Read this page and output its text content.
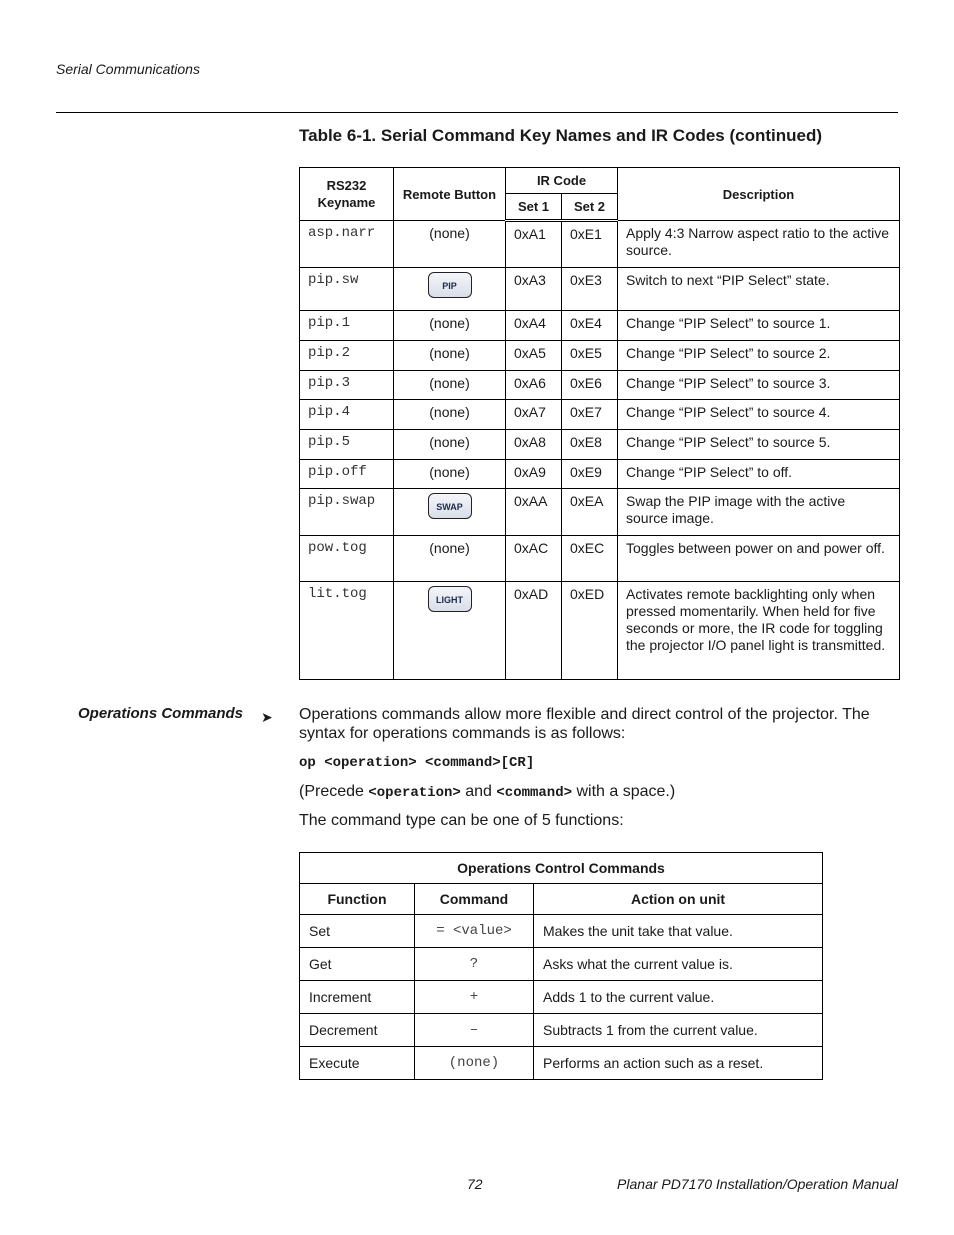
Serial Communications
Table 6-1. Serial Command Key Names and IR Codes (continued)
RS232
Keyname	Remote Button	IR Code		Description
		Set 1	Set 2	
asp.narr	(none)	0xA1	0xE1	Apply 4:3 Narrow aspect ratio to the active source.
pip.sw	PIP	0xA3	0xE3	Switch to next “PIP Select” state.
pip.1	(none)	0xA4	0xE4	Change “PIP Select” to source 1.
pip.2	(none)	0xA5	0xE5	Change “PIP Select” to source 2.
pip.3	(none)	0xA6	0xE6	Change “PIP Select” to source 3.
pip.4	(none)	0xA7	0xE7	Change “PIP Select” to source 4.
pip.5	(none)	0xA8	0xE8	Change “PIP Select” to source 5.
pip.off	(none)	0xA9	0xE9	Change “PIP Select” to off.
pip.swap	SWAP	0xAA	0xEA	Swap the PIP image with the active source image.
pow.tog	(none)	0xAC	0xEC	Toggles between power on and power off.
lit.tog	LIGHT	0xAD	0xED	Activates remote backlighting only when pressed momentarily. When held for five seconds or more, the IR code for toggling the projector I/O panel light is transmitted.
Operations Commands ➤ Operations commands allow more flexible and direct control of the projector. The syntax for operations commands is as follows:
op <operation> <command>[CR]
(Precede <operation> and <command> with a space.)
The command type can be one of 5 functions:
Operations Control Commands		
Function	Command	Action on unit
Set	= <value>	Makes the unit take that value.
Get	?	Asks what the current value is.
Increment	+	Adds 1 to the current value.
Decrement	–	Subtracts 1 from the current value.
Execute	(none)	Performs an action such as a reset.
72	Planar PD7170 Installation/Operation Manual
